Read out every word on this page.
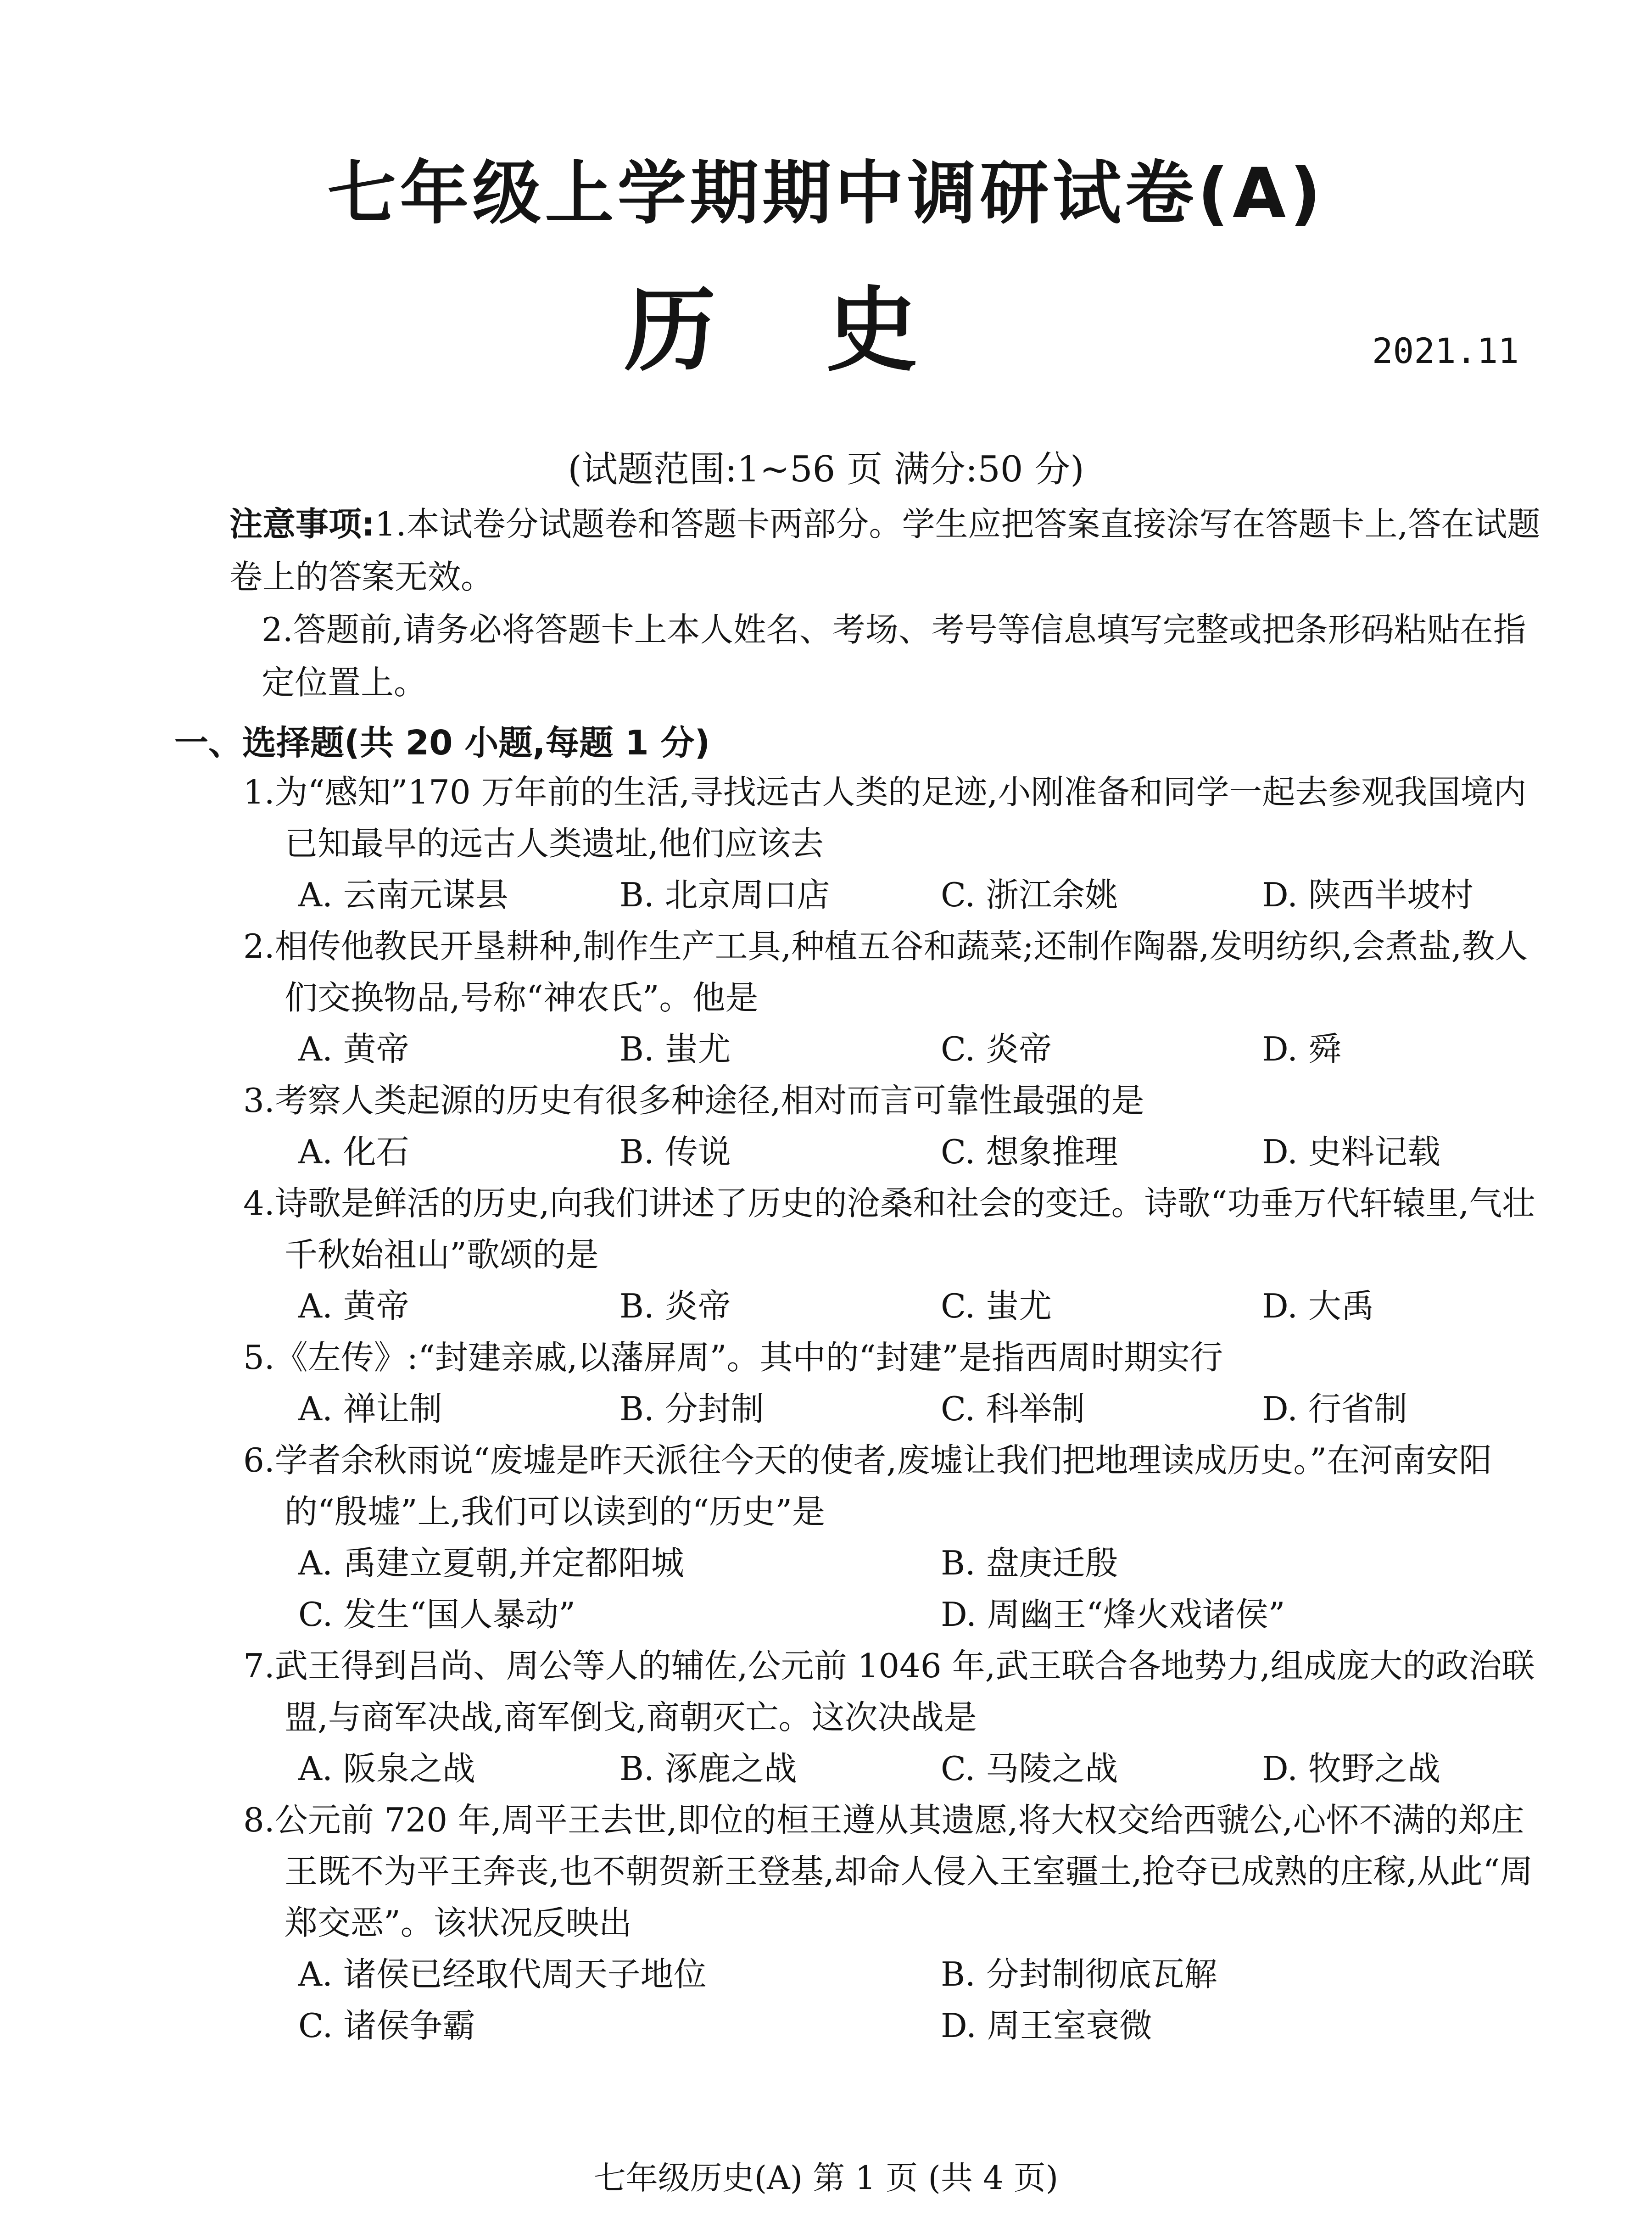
七年级上学期期中调研试卷(A)
历史	2021.11
(试题范围:1~56 页 满分:50 分)

注意事项:1.本试卷分试题卷和答题卡两部分。学生应把答案直接涂写在答题卡上,答在试题卷上的答案无效。

2.答题前,请务必将答题卡上本人姓名、考场、考号等信息填写完整或把条形码粘贴在指定位置上。

一、选择题(共 20 小题,每题 1 分)
1.为“感知”170 万年前的生活,寻找远古人类的足迹,小刚准备和同学一起去参观我国境内已知最早的远古人类遗址,他们应该去
A. 云南元谋县	B. 北京周口店	C. 浙江余姚	D. 陕西半坡村
2.相传他教民开垦耕种,制作生产工具,种植五谷和蔬菜;还制作陶器,发明纺织,会煮盐,教人们交换物品,号称“神农氏”。他是
A. 黄帝	B. 蚩尤	C. 炎帝	D. 舜
3.考察人类起源的历史有很多种途径,相对而言可靠性最强的是
A. 化石	B. 传说	C. 想象推理	D. 史料记载
4.诗歌是鲜活的历史,向我们讲述了历史的沧桑和社会的变迁。诗歌“功垂万代轩辕里,气壮千秋始祖山”歌颂的是
A. 黄帝	B. 炎帝	C. 蚩尤	D. 大禹
5.《左传》:“封建亲戚,以藩屏周”。其中的“封建”是指西周时期实行
A. 禅让制	B. 分封制	C. 科举制	D. 行省制
6.学者余秋雨说“废墟是昨天派往今天的使者,废墟让我们把地理读成历史。”在河南安阳的“殷墟”上,我们可以读到的“历史”是
A. 禹建立夏朝,并定都阳城	B. 盘庚迁殷
C. 发生“国人暴动”	D. 周幽王“烽火戏诸侯”
7.武王得到吕尚、周公等人的辅佐,公元前 1046 年,武王联合各地势力,组成庞大的政治联盟,与商军决战,商军倒戈,商朝灭亡。这次决战是
A. 阪泉之战	B. 涿鹿之战	C. 马陵之战	D. 牧野之战
8.公元前 720 年,周平王去世,即位的桓王遵从其遗愿,将大权交给西虢公,心怀不满的郑庄王既不为平王奔丧,也不朝贺新王登基,却命人侵入王室疆土,抢夺已成熟的庄稼,从此“周郑交恶”。该状况反映出
A. 诸侯已经取代周天子地位	B. 分封制彻底瓦解
C. 诸侯争霸	D. 周王室衰微
七年级历史(A) 第 1 页 (共 4 页)
